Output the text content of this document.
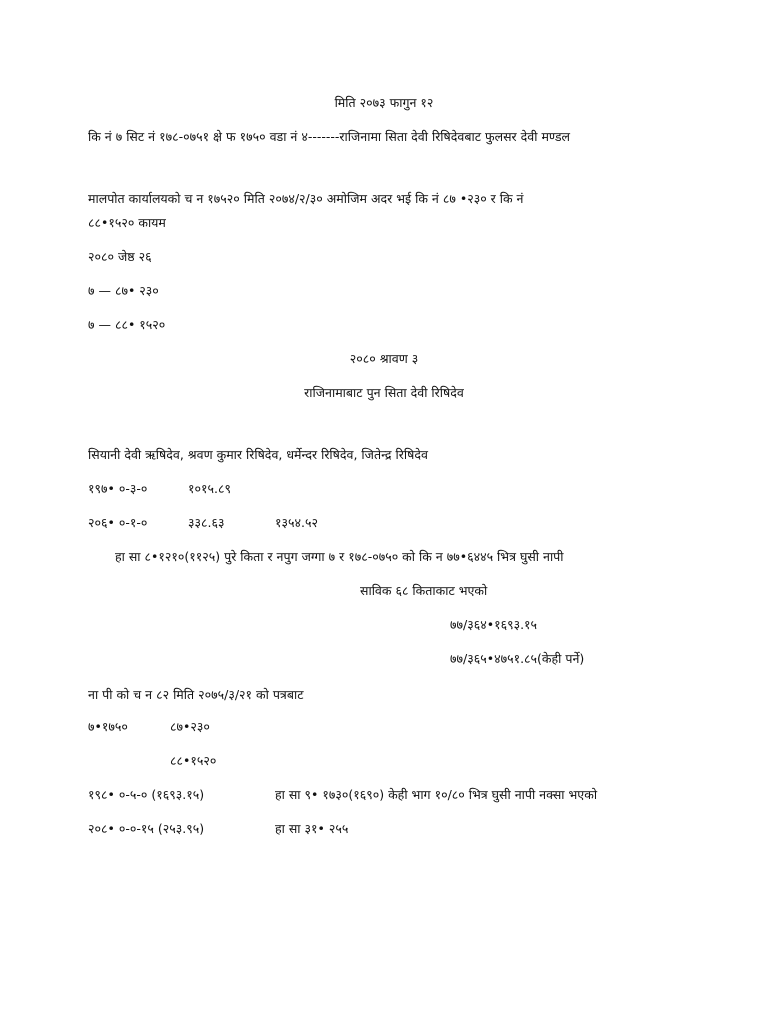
मिति २०७३ फागुन १२
कि नं ७ सिट नं १७८-०७५१ क्षे फ १७५० वडा नं ४-------राजिनामा सिता देवी रिषिदेवबाट फुलसर देवी मण्डल
मालपोत कार्यालयको च न १७५२० मिति २०७४/२/३० अमोजिम अदर भई कि नं ८७ •२३० र कि नं
८८•१५२० कायम
२०८० जेष्ठ २६
७ — ८७• २३०
७ — ८८• १५२०
२०८० श्रावण ३
राजिनामाबाट पुन सिता देवी रिषिदेव
सियानी देवी ऋषिदेव, श्रवण कुमार रिषिदेव, धर्मेन्दर रिषिदेव, जितेन्द्र रिषिदेव
१९७• ०-३-०	१०१५.८९
२०६• ०-१-०	३३८.६३	१३५४.५२
हा सा ८•१२१०(११२५) पुरे किता र नपुग जग्गा ७ र १७८-०७५० को कि न ७७•६४४५ भित्र घुसी नापी
साविक ६८ किताकाट भएको
७७/३६४•१६९३.१५
७७/३६५•४७५१.८५(केही पर्ने)
ना पी को च न ८२ मिति २०७५/३/२१ को पत्रबाट
७•१७५०	८७•२३०
८८•१५२०
१९८• ०-५-० (१६९३.१५)	हा सा ९• १७३०(१६९०) केही भाग १०/८० भित्र घुसी नापी नक्सा भएको
२०८• ०-०-१५ (२५३.९५)	हा सा ३१• २५५
